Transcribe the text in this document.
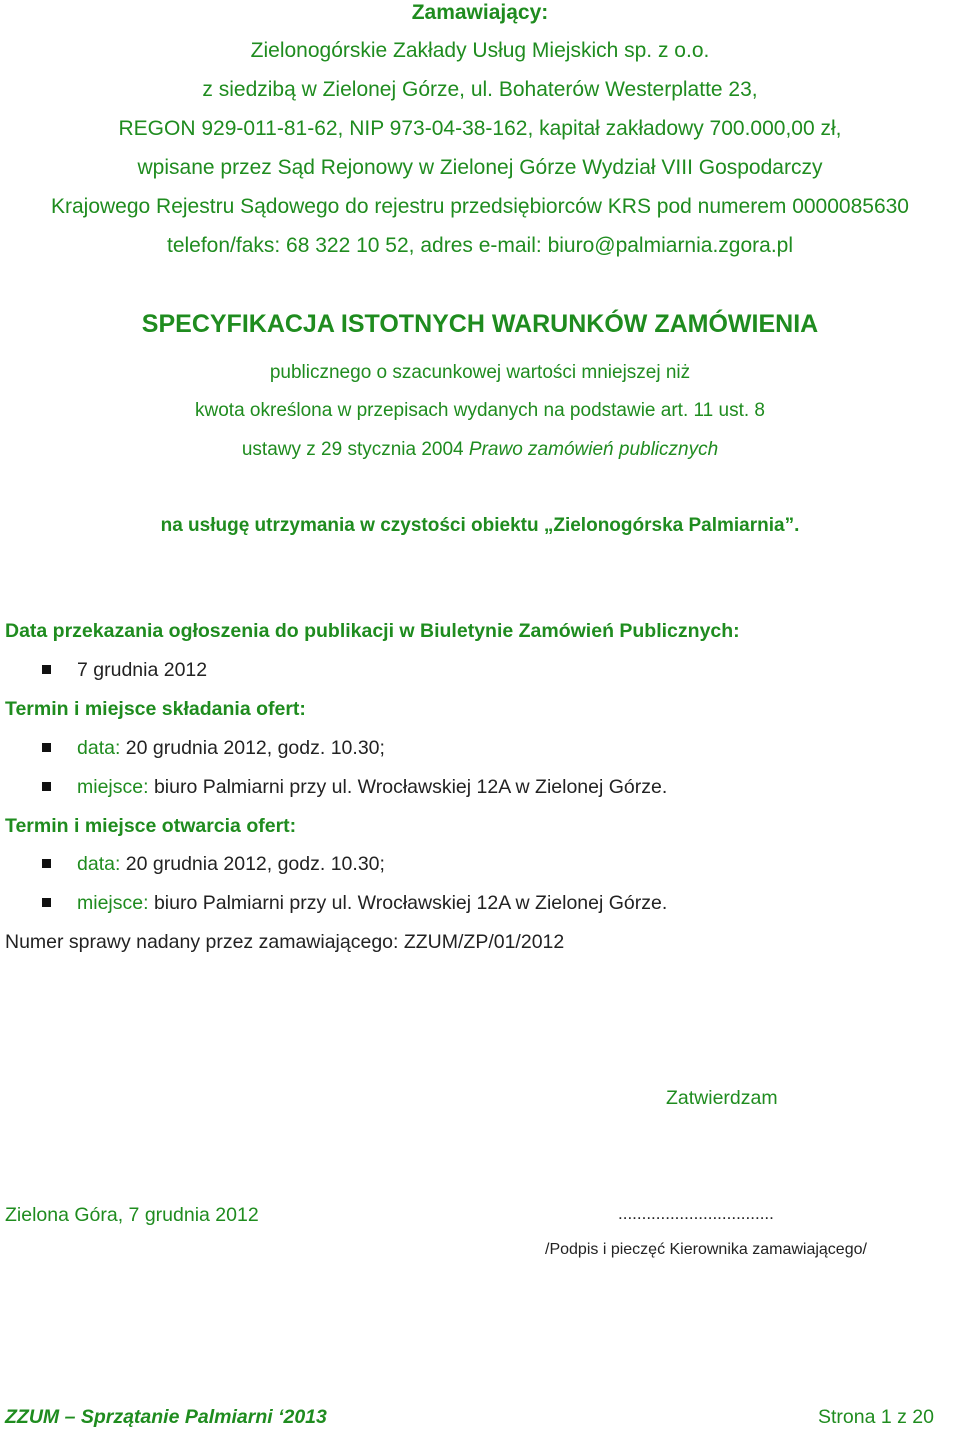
Zamawiający:
Zielonogórskie Zakłady Usług Miejskich sp. z o.o.
z siedzibą w Zielonej Górze, ul. Bohaterów Westerplatte 23,
REGON 929-011-81-62, NIP 973-04-38-162, kapitał zakładowy 700.000,00 zł,
wpisane przez Sąd Rejonowy w Zielonej Górze Wydział VIII Gospodarczy
Krajowego Rejestru Sądowego do rejestru przedsiębiorców KRS pod numerem 0000085630
telefon/faks: 68 322 10 52, adres e-mail: biuro@palmiarnia.zgora.pl
SPECYFIKACJA ISTOTNYCH WARUNKÓW ZAMÓWIENIA
publicznego o szacunkowej wartości mniejszej niż
kwota określona w przepisach wydanych na podstawie art. 11 ust. 8
ustawy z 29 stycznia 2004 Prawo zamówień publicznych
na usługę utrzymania w czystości obiektu „Zielonogórska Palmiarnia”.
Data przekazania ogłoszenia do publikacji w Biuletynie Zamówień Publicznych:
7 grudnia 2012
Termin i miejsce składania ofert:
data: 20 grudnia 2012, godz. 10.30;
miejsce: biuro Palmiarni przy ul. Wrocławskiej 12A w Zielonej Górze.
Termin i miejsce otwarcia ofert:
data: 20 grudnia 2012, godz. 10.30;
miejsce: biuro Palmiarni przy ul. Wrocławskiej 12A w Zielonej Górze.
Numer sprawy nadany przez zamawiającego: ZZUM/ZP/01/2012
Zatwierdzam
Zielona Góra, 7 grudnia 2012	.................................
/Podpis i pieczęć Kierownika zamawiającego/
ZZUM – Sprzątanie Palmiarni ‘2013	Strona 1 z 20
